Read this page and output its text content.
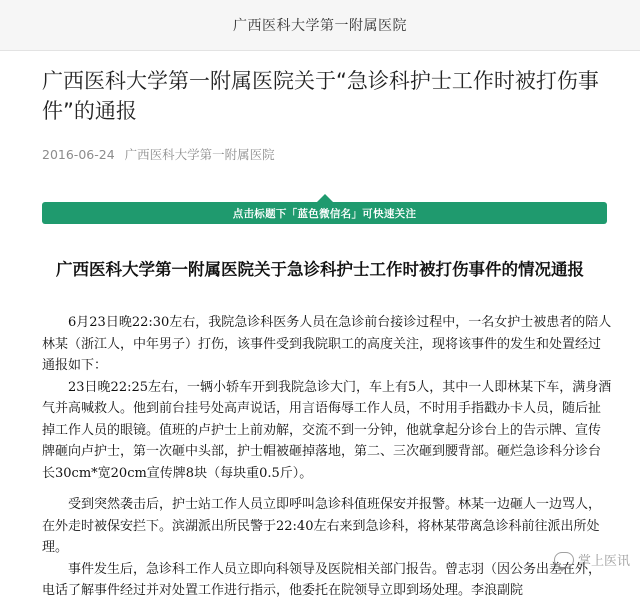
广西医科大学第一附属医院
广西医科大学第一附属医院关于“急诊科护士工作时被打伤事件”的通报
2016-06-24 广西医科大学第一附属医院
点击标题下「蓝色微信名」可快速关注
广西医科大学第一附属医院关于急诊科护士工作时被打伤事件的情况通报

6月23日晚22:30左右，我院急诊科医务人员在急诊前台接诊过程中，一名女护士被患者的陪人林某（浙江人，中年男子）打伤，该事件受到我院职工的高度关注，现将该事件的发生和处置经过通报如下：

23日晚22:25左右，一辆小轿车开到我院急诊大门，车上有5人，其中一人即林某下车，满身酒气并高喊救人。他到前台挂号处高声说话，用言语侮辱工作人员，不时用手指戳办卡人员，随后扯掉工作人员的眼镜。值班的卢护士上前劝解，交流不到一分钟，他就拿起分诊台上的告示牌、宣传牌砸向卢护士，第一次砸中头部，护士帽被砸掉落地，第二、三次砸到腰背部。砸烂急诊科分诊台长30cm*宽20cm宣传牌8块（每块重0.5斤）。

受到突然袭击后，护士站工作人员立即呼叫急诊科值班保安并报警。林某一边砸人一边骂人，在外走时被保安拦下。滨湖派出所民警于22:40左右来到急诊科，将林某带离急诊科前往派出所处理。

事件发生后，急诊科工作人员立即向科领导及医院相关部门报告。曾志羽（因公务出差在外，电话了解事件经过并对处置工作进行指示，他委托在院领导立即到场处理。李浪副院

掌上医讯
